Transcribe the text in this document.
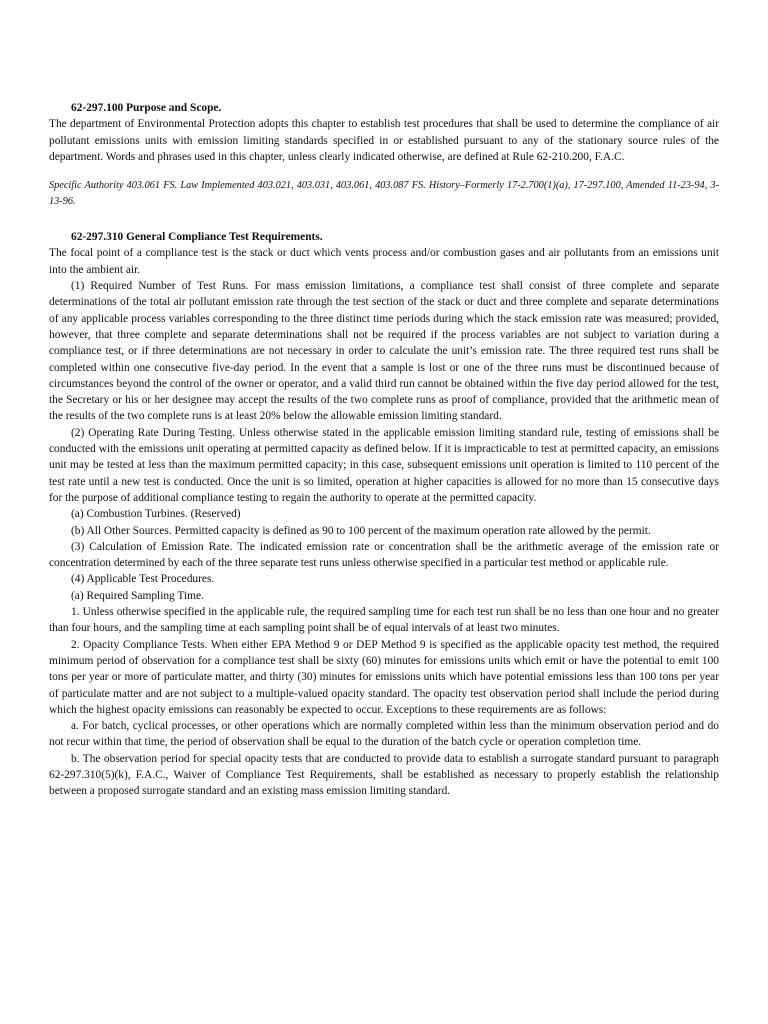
62-297.100 Purpose and Scope.

The department of Environmental Protection adopts this chapter to establish test procedures that shall be used to determine the compliance of air pollutant emissions units with emission limiting standards specified in or established pursuant to any of the stationary source rules of the department. Words and phrases used in this chapter, unless clearly indicated otherwise, are defined at Rule 62-210.200, F.A.C.

Specific Authority 403.061 FS. Law Implemented 403.021, 403.031, 403.061, 403.087 FS. History–Formerly 17-2.700(1)(a), 17-297.100, Amended 11-23-94, 3-13-96.

62-297.310 General Compliance Test Requirements.

The focal point of a compliance test is the stack or duct which vents process and/or combustion gases and air pollutants from an emissions unit into the ambient air.

(1) Required Number of Test Runs. For mass emission limitations, a compliance test shall consist of three complete and separate determinations of the total air pollutant emission rate through the test section of the stack or duct and three complete and separate determinations of any applicable process variables corresponding to the three distinct time periods during which the stack emission rate was measured; provided, however, that three complete and separate determinations shall not be required if the process variables are not subject to variation during a compliance test, or if three determinations are not necessary in order to calculate the unit’s emission rate. The three required test runs shall be completed within one consecutive five-day period. In the event that a sample is lost or one of the three runs must be discontinued because of circumstances beyond the control of the owner or operator, and a valid third run cannot be obtained within the five day period allowed for the test, the Secretary or his or her designee may accept the results of the two complete runs as proof of compliance, provided that the arithmetic mean of the results of the two complete runs is at least 20% below the allowable emission limiting standard.

(2) Operating Rate During Testing. Unless otherwise stated in the applicable emission limiting standard rule, testing of emissions shall be conducted with the emissions unit operating at permitted capacity as defined below. If it is impracticable to test at permitted capacity, an emissions unit may be tested at less than the maximum permitted capacity; in this case, subsequent emissions unit operation is limited to 110 percent of the test rate until a new test is conducted. Once the unit is so limited, operation at higher capacities is allowed for no more than 15 consecutive days for the purpose of additional compliance testing to regain the authority to operate at the permitted capacity.

(a) Combustion Turbines. (Reserved)

(b) All Other Sources. Permitted capacity is defined as 90 to 100 percent of the maximum operation rate allowed by the permit.

(3) Calculation of Emission Rate. The indicated emission rate or concentration shall be the arithmetic average of the emission rate or concentration determined by each of the three separate test runs unless otherwise specified in a particular test method or applicable rule.

(4) Applicable Test Procedures.

(a) Required Sampling Time.

1. Unless otherwise specified in the applicable rule, the required sampling time for each test run shall be no less than one hour and no greater than four hours, and the sampling time at each sampling point shall be of equal intervals of at least two minutes.

2. Opacity Compliance Tests. When either EPA Method 9 or DEP Method 9 is specified as the applicable opacity test method, the required minimum period of observation for a compliance test shall be sixty (60) minutes for emissions units which emit or have the potential to emit 100 tons per year or more of particulate matter, and thirty (30) minutes for emissions units which have potential emissions less than 100 tons per year of particulate matter and are not subject to a multiple-valued opacity standard. The opacity test observation period shall include the period during which the highest opacity emissions can reasonably be expected to occur. Exceptions to these requirements are as follows:

a. For batch, cyclical processes, or other operations which are normally completed within less than the minimum observation period and do not recur within that time, the period of observation shall be equal to the duration of the batch cycle or operation completion time.

b. The observation period for special opacity tests that are conducted to provide data to establish a surrogate standard pursuant to paragraph 62-297.310(5)(k), F.A.C., Waiver of Compliance Test Requirements, shall be established as necessary to properly establish the relationship between a proposed surrogate standard and an existing mass emission limiting standard.
